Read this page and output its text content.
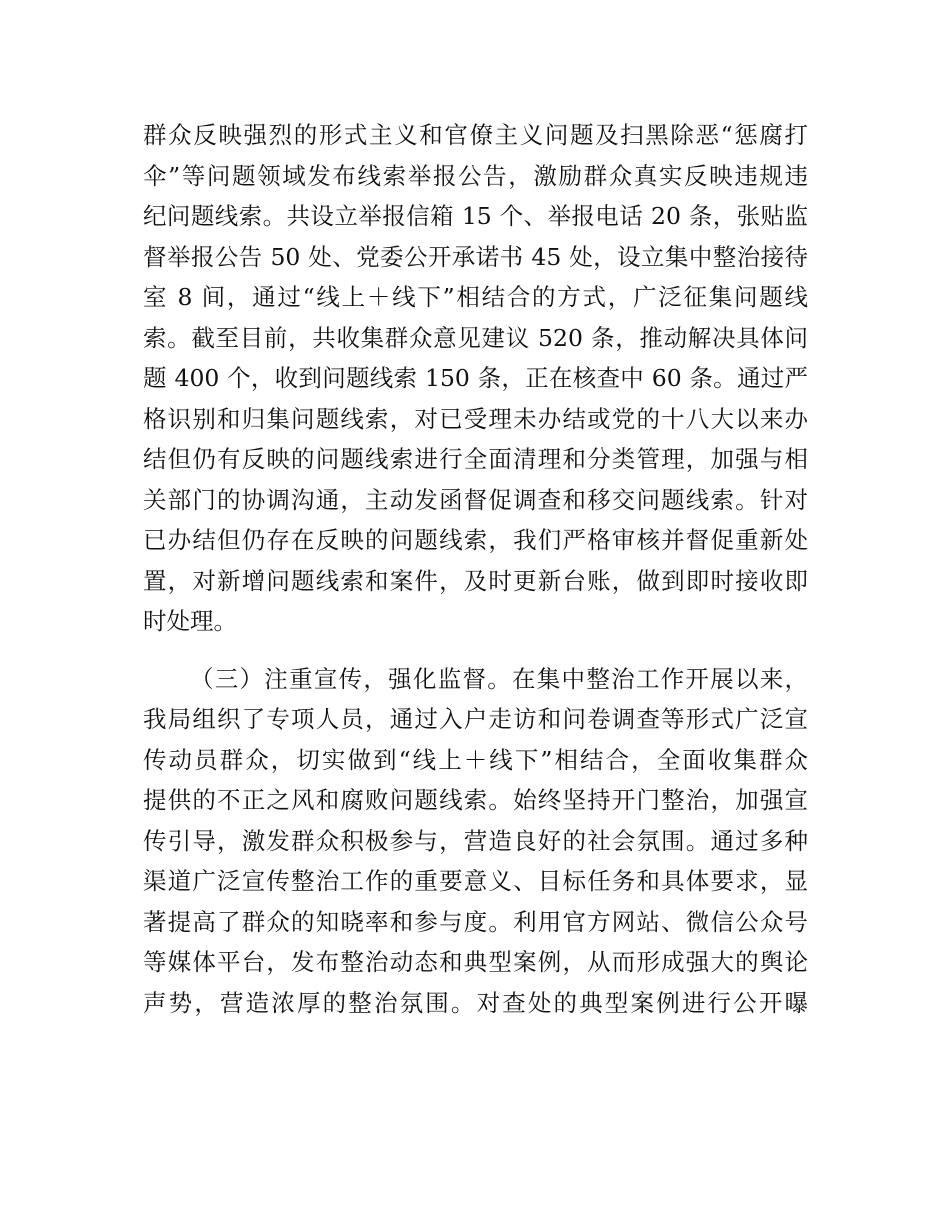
群众反映强烈的形式主义和官僚主义问题及扫黑除恶“惩腐打
伞”等问题领域发布线索举报公告，激励群众真实反映违规违
纪问题线索。共设立举报信箱 15 个、举报电话 20 条，张贴监
督举报公告 50 处、党委公开承诺书 45 处，设立集中整治接待
室 8 间，通过“线上＋线下”相结合的方式，广泛征集问题线
索。截至目前，共收集群众意见建议 520 条，推动解决具体问
题 400 个，收到问题线索 150 条，正在核查中 60 条。通过严
格识别和归集问题线索，对已受理未办结或党的十八大以来办
结但仍有反映的问题线索进行全面清理和分类管理，加强与相
关部门的协调沟通，主动发函督促调查和移交问题线索。针对
已办结但仍存在反映的问题线索，我们严格审核并督促重新处
置，对新增问题线索和案件，及时更新台账，做到即时接收即
时处理。
（三）注重宣传，强化监督。在集中整治工作开展以来，
我局组织了专项人员，通过入户走访和问卷调查等形式广泛宣
传动员群众，切实做到“线上＋线下”相结合，全面收集群众
提供的不正之风和腐败问题线索。始终坚持开门整治，加强宣
传引导，激发群众积极参与，营造良好的社会氛围。通过多种
渠道广泛宣传整治工作的重要意义、目标任务和具体要求，显
著提高了群众的知晓率和参与度。利用官方网站、微信公众号
等媒体平台，发布整治动态和典型案例，从而形成强大的舆论
声势，营造浓厚的整治氛围。对查处的典型案例进行公开曝
